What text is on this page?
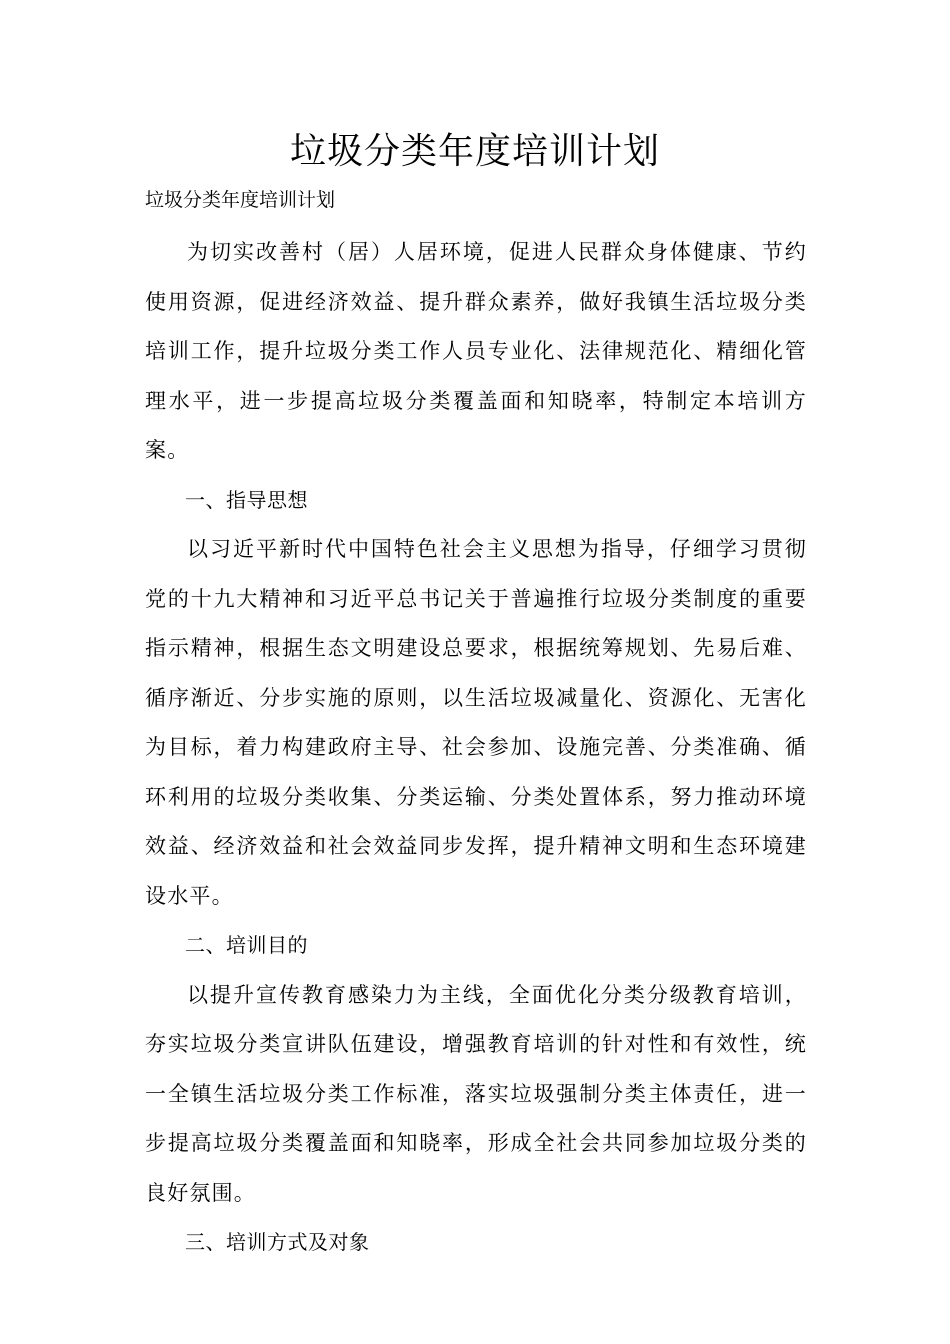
垃圾分类年度培训计划

垃圾分类年度培训计划

为切实改善村（居）人居环境，促进人民群众身体健康、节约使用资源，促进经济效益、提升群众素养，做好我镇生活垃圾分类培训工作，提升垃圾分类工作人员专业化、法律规范化、精细化管理水平，进一步提高垃圾分类覆盖面和知晓率，特制定本培训方案。

一、指导思想

以习近平新时代中国特色社会主义思想为指导，仔细学习贯彻党的十九大精神和习近平总书记关于普遍推行垃圾分类制度的重要指示精神，根据生态文明建设总要求，根据统筹规划、先易后难、循序渐近、分步实施的原则，以生活垃圾减量化、资源化、无害化为目标，着力构建政府主导、社会参加、设施完善、分类准确、循环利用的垃圾分类收集、分类运输、分类处置体系，努力推动环境效益、经济效益和社会效益同步发挥，提升精神文明和生态环境建设水平。

二、培训目的

以提升宣传教育感染力为主线，全面优化分类分级教育培训，夯实垃圾分类宣讲队伍建设，增强教育培训的针对性和有效性，统一全镇生活垃圾分类工作标准，落实垃圾强制分类主体责任，进一步提高垃圾分类覆盖面和知晓率，形成全社会共同参加垃圾分类的良好氛围。

三、培训方式及对象
